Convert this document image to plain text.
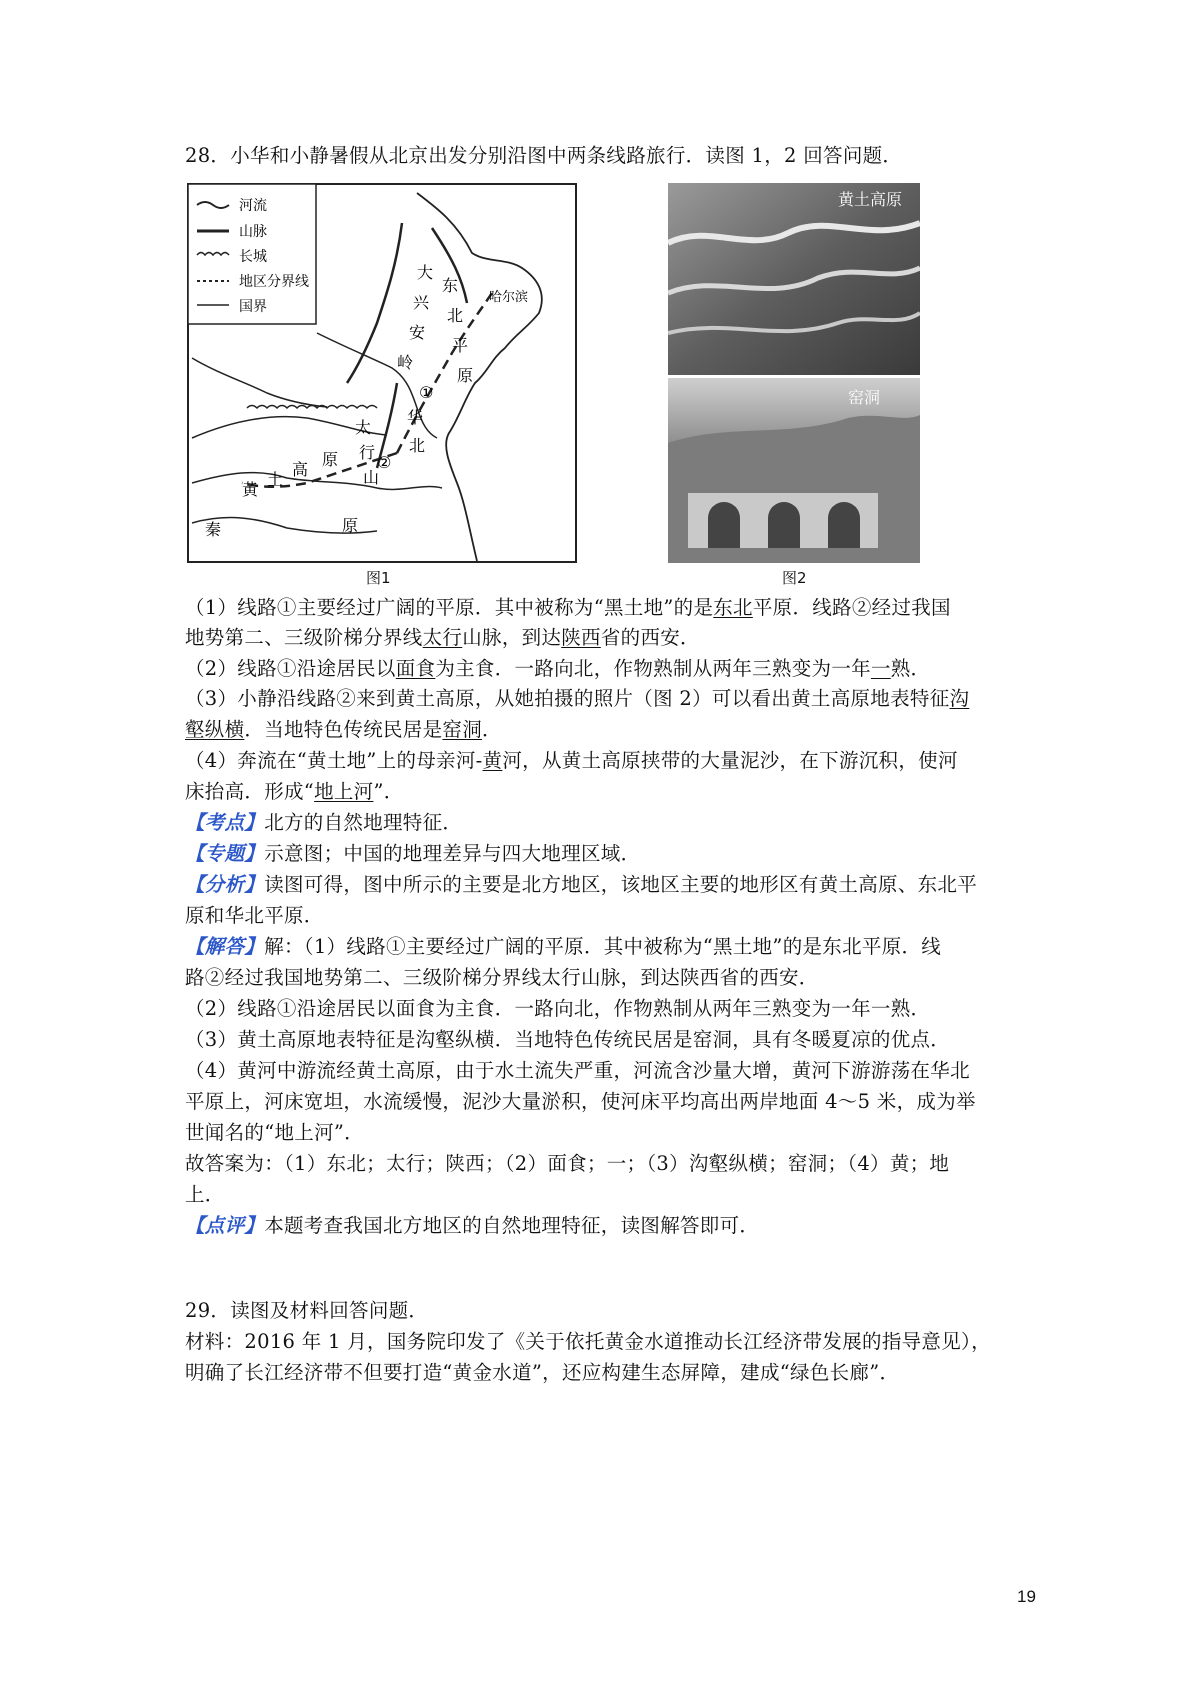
28．小华和小静暑假从北京出发分别沿图中两条线路旅行．读图 1，2 回答问题．
河流
山脉
长城
地区分界线
国界
大
兴
安
岭
东
北
平
原
哈尔滨
①
②
黄
土
高
原
太
行
山
华
北
秦	原
图1
黄土高原
窑洞
图2
（1）线路①主要经过广阔的平原．其中被称为“黑土地”的是东北平原．线路②经过我国
地势第二、三级阶梯分界线太行山脉，到达陕西省的西安．
（2）线路①沿途居民以面食为主食．一路向北，作物熟制从两年三熟变为一年一熟．
（3）小静沿线路②来到黄土高原，从她拍摄的照片（图 2）可以看出黄土高原地表特征沟
壑纵横．当地特色传统民居是窑洞．
（4）奔流在“黄土地”上的母亲河-黄河，从黄土高原挟带的大量泥沙，在下游沉积，使河
床抬高．形成“地上河”．
【考点】北方的自然地理特征．
【专题】示意图；中国的地理差异与四大地理区域．
【分析】读图可得，图中所示的主要是北方地区，该地区主要的地形区有黄土高原、东北平
原和华北平原．
【解答】解：（1）线路①主要经过广阔的平原．其中被称为“黑土地”的是东北平原．线
路②经过我国地势第二、三级阶梯分界线太行山脉，到达陕西省的西安．
（2）线路①沿途居民以面食为主食．一路向北，作物熟制从两年三熟变为一年一熟．
（3）黄土高原地表特征是沟壑纵横．当地特色传统民居是窑洞，具有冬暖夏凉的优点．
（4）黄河中游流经黄土高原，由于水土流失严重，河流含沙量大增，黄河下游游荡在华北
平原上，河床宽坦，水流缓慢，泥沙大量淤积，使河床平均高出两岸地面 4～5 米，成为举
世闻名的“地上河”．
故答案为：（1）东北；太行；陕西；（2）面食；一；（3）沟壑纵横；窑洞；（4）黄；地
上．
【点评】本题考查我国北方地区的自然地理特征，读图解答即可．
29．读图及材料回答问题．
材料：2016 年 1 月，国务院印发了《关于依托黄金水道推动长江经济带发展的指导意见），
明确了长江经济带不但要打造“黄金水道”，还应构建生态屏障，建成“绿色长廊”．
19
